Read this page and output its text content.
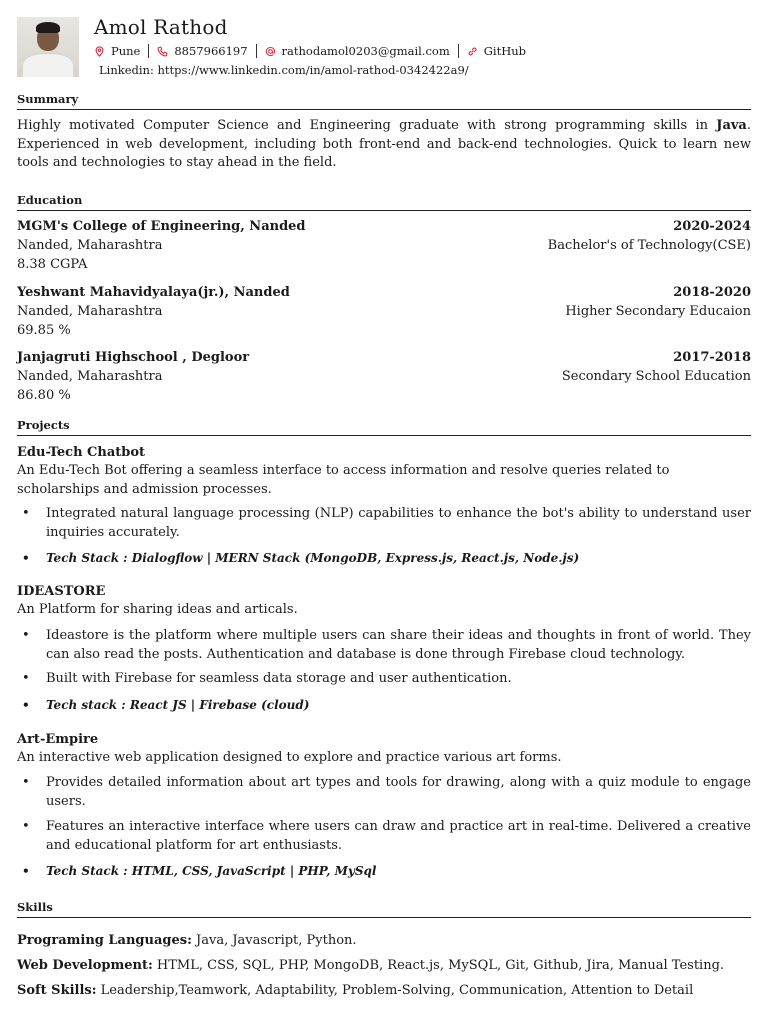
Amol Rathod
Pune	8857966197	rathodamol0203@gmail.com	GitHub
Linkedin: https://www.linkedin.com/in/amol-rathod-0342422a9/
Summary
Highly motivated Computer Science and Engineering graduate with strong programming skills in Java. Experienced in web development, including both front-end and back-end technologies. Quick to learn new tools and technologies to stay ahead in the field.
Education
MGM's College of Engineering, Nanded	2020-2024
Nanded, Maharashtra	Bachelor's of Technology(CSE)
8.38 CGPA
Yeshwant Mahavidyalaya(jr.), Nanded	2018-2020
Nanded, Maharashtra	Higher Secondary Educaion
69.85 %
Janjagruti Highschool , Degloor	2017-2018
Nanded, Maharashtra	Secondary School Education
86.80 %
Projects
Edu-Tech Chatbot
An Edu-Tech Bot offering a seamless interface to access information and resolve queries related to scholarships and admission processes.
• Integrated natural language processing (NLP) capabilities to enhance the bot's ability to understand user inquiries accurately.
• Tech Stack : Dialogflow | MERN Stack (MongoDB, Express.js, React.js, Node.js)
IDEASTORE
An Platform for sharing ideas and articals.
• Ideastore is the platform where multiple users can share their ideas and thoughts in front of world. They can also read the posts. Authentication and database is done through Firebase cloud technology.
• Built with Firebase for seamless data storage and user authentication.
• Tech stack : React JS | Firebase (cloud)
Art-Empire
An interactive web application designed to explore and practice various art forms.
• Provides detailed information about art types and tools for drawing, along with a quiz module to engage users.
• Features an interactive interface where users can draw and practice art in real-time. Delivered a creative and educational platform for art enthusiasts.
• Tech Stack : HTML, CSS, JavaScript | PHP, MySql
Skills
Programing Languages: Java, Javascript, Python.
Web Development: HTML, CSS, SQL, PHP, MongoDB, React.js, MySQL, Git, Github, Jira, Manual Testing.
Soft Skills: Leadership,Teamwork, Adaptability, Problem-Solving, Communication, Attention to Detail
